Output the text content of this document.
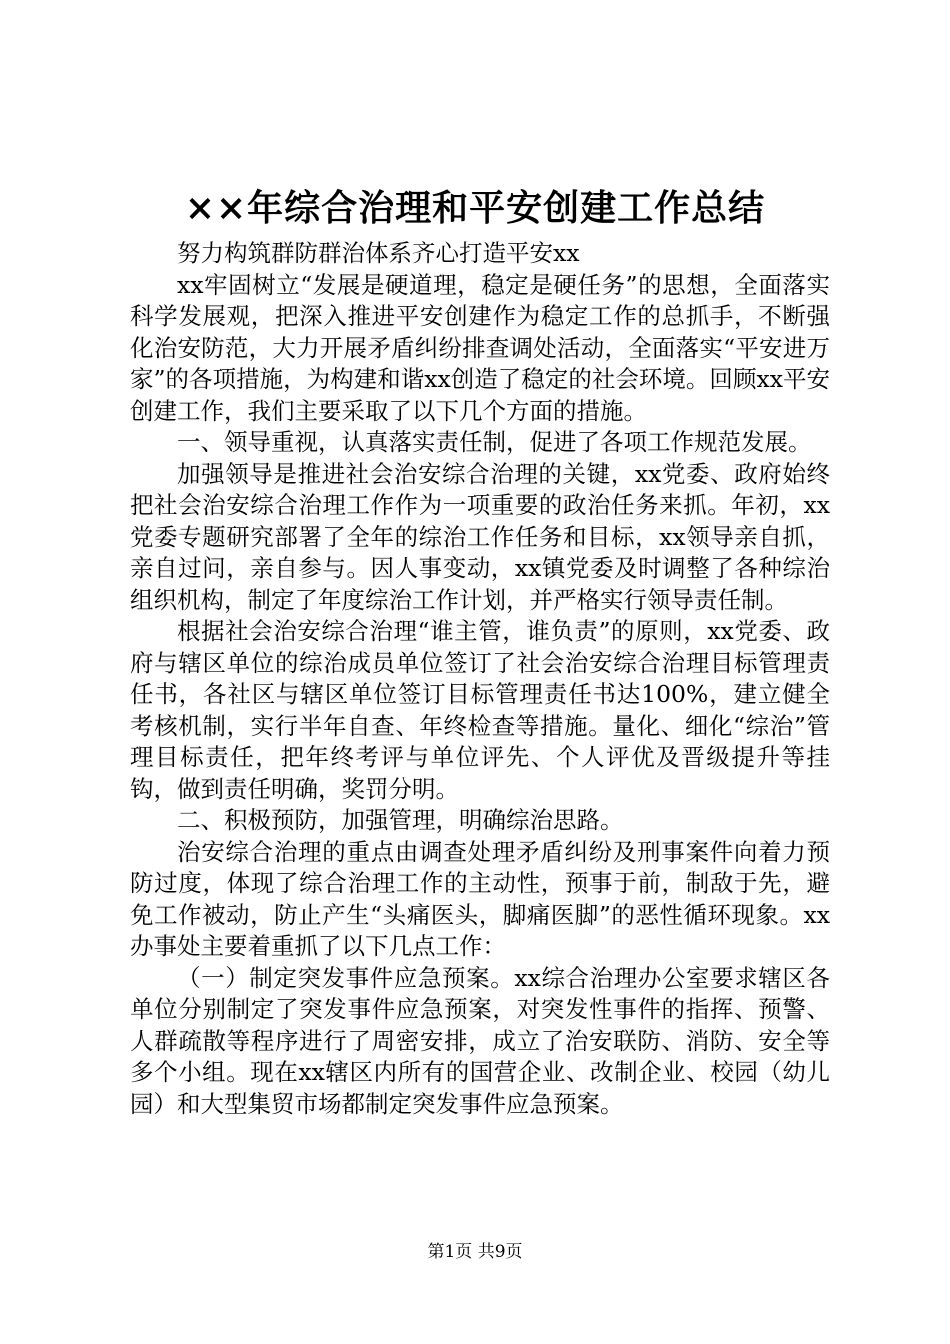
××年综合治理和平安创建工作总结

努力构筑群防群治体系齐心打造平安xx

xx牢固树立“发展是硬道理，稳定是硬任务”的思想，全面落实科学发展观，把深入推进平安创建作为稳定工作的总抓手，不断强化治安防范，大力开展矛盾纠纷排查调处活动，全面落实“平安进万家”的各项措施，为构建和谐xx创造了稳定的社会环境。回顾xx平安创建工作，我们主要采取了以下几个方面的措施。

一、领导重视，认真落实责任制，促进了各项工作规范发展。

加强领导是推进社会治安综合治理的关键，xx党委、政府始终把社会治安综合治理工作作为一项重要的政治任务来抓。年初，xx党委专题研究部署了全年的综治工作任务和目标，xx领导亲自抓，亲自过问，亲自参与。因人事变动，xx镇党委及时调整了各种综治组织机构，制定了年度综治工作计划，并严格实行领导责任制。

根据社会治安综合治理“谁主管，谁负责”的原则，xx党委、政府与辖区单位的综治成员单位签订了社会治安综合治理目标管理责任书，各社区与辖区单位签订目标管理责任书达100%，建立健全考核机制，实行半年自查、年终检查等措施。量化、细化“综治”管理目标责任，把年终考评与单位评先、个人评优及晋级提升等挂钩，做到责任明确，奖罚分明。

二、积极预防，加强管理，明确综治思路。

治安综合治理的重点由调查处理矛盾纠纷及刑事案件向着力预防过度，体现了综合治理工作的主动性，预事于前，制敌于先，避免工作被动，防止产生“头痛医头，脚痛医脚”的恶性循环现象。xx办事处主要着重抓了以下几点工作：

（一）制定突发事件应急预案。xx综合治理办公室要求辖区各单位分别制定了突发事件应急预案，对突发性事件的指挥、预警、人群疏散等程序进行了周密安排，成立了治安联防、消防、安全等多个小组。现在xx辖区内所有的国营企业、改制企业、校园（幼儿园）和大型集贸市场都制定突发事件应急预案。

第1页 共9页
